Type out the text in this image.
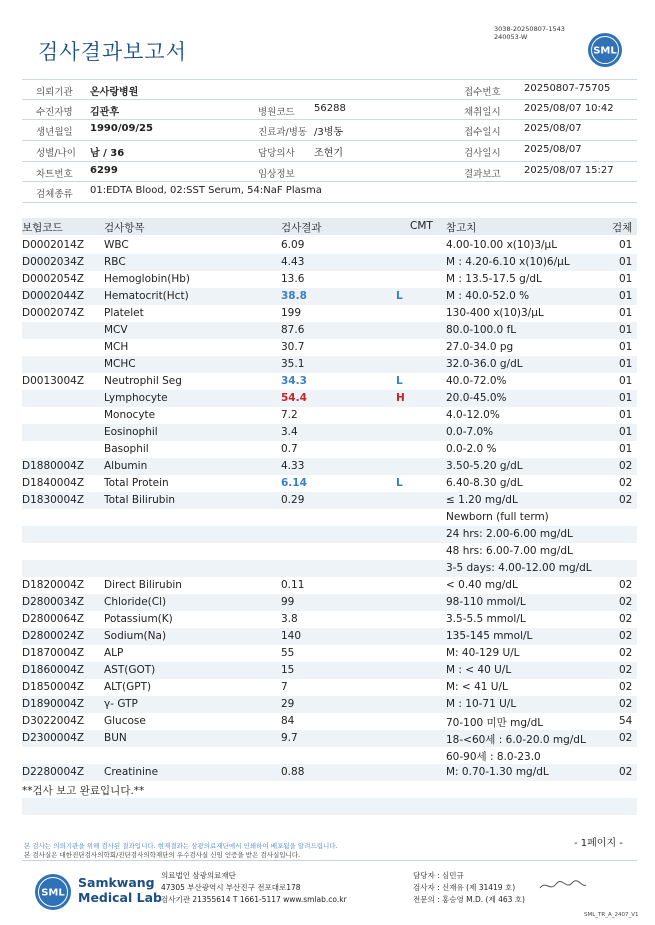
검사결과보고서
3038-20250807-1543
240053-W
SML
의뢰기관 온사랑병원	접수번호 20250807-75705
수진자명 김관후	병원코드 56288	채취일시 2025/08/07 10:42
생년월일 1990/09/25	진료과/병동 /3병동	접수일시 2025/08/07
성별/나이 남 / 36	담당의사 조현기	검사일시 2025/08/07
차트번호 6299	임상정보	결과보고 2025/08/07 15:27
검체종류 01:EDTA Blood, 02:SST Serum, 54:NaF Plasma
보험코드	검사항목	검사결과	CMT 참고치	검체
D0002014Z WBC	6.09	4.00-10.00 x(10)3/μL	01
D0002034Z RBC	4.43	M : 4.20-6.10 x(10)6/μL	01
D0002054Z Hemoglobin(Hb)	13.6	M : 13.5-17.5 g/dL	01
D0002044Z Hematocrit(Hct)	38.8	L	M : 40.0-52.0 %	01
D0002074Z Platelet	199	130-400 x(10)3/μL	01
MCV	87.6	80.0-100.0 fL	01
MCH	30.7	27.0-34.0 pg	01
MCHC	35.1	32.0-36.0 g/dL	01
D0013004Z Neutrophil Seg	34.3	L	40.0-72.0%	01
Lymphocyte	54.4	H	20.0-45.0%	01
Monocyte	7.2	4.0-12.0%	01
Eosinophil	3.4	0.0-7.0%	01
Basophil	0.7	0.0-2.0 %	01
D1880004Z Albumin	4.33	3.50-5.20 g/dL	02
D1840004Z Total Protein	6.14	L	6.40-8.30 g/dL	02
D1830004Z Total Bilirubin	0.29	≤ 1.20 mg/dL	02
Newborn (full term)
24 hrs: 2.00-6.00 mg/dL
48 hrs: 6.00-7.00 mg/dL
3-5 days: 4.00-12.00 mg/dL
D1820004Z Direct Bilirubin	0.11	< 0.40 mg/dL	02
D2800034Z Chloride(Cl)	99	98-110 mmol/L	02
D2800064Z Potassium(K)	3.8	3.5-5.5 mmol/L	02
D2800024Z Sodium(Na)	140	135-145 mmol/L	02
D1870004Z ALP	55	M: 40-129 U/L	02
D1860004Z AST(GOT)	15	M : < 40 U/L	02
D1850004Z ALT(GPT)	7	M: < 41 U/L	02
D1890004Z γ- GTP	29	M : 10-71 U/L	02
D3022004Z Glucose	84	70-100 미만 mg/dL	54
D2300004Z BUN	9.7	18-<60세 : 6.0-20.0 mg/dL	02
60-90세 : 8.0-23.0
D2280004Z Creatinine	0.88	M: 0.70-1.30 mg/dL	02
**검사 보고 완료입니다.**
- 1페이지 -
본 검사는 의뢰기관을 위해 검사된 결과입니다. 현재결과는 삼광의료재단에서 인쇄하여 배포됨을 알려드립니다.
본 검사실은 대한진단검사의학회/진단검사의학재단의 우수검사실 신임 인증을 받은 검사실입니다.
SML
Samkwang
Medical Lab
의료법인 삼광의료재단
47305 부산광역시 부산진구 전포대로178
검사기관 21355614 T 1661-5117 www.smlab.co.kr
담당자 : 심민규
검사자 : 신재유 (제 31419 호)
전문의 : 홍승영 M.D. (제 463 호)
SML_TR_A_2407_V1
